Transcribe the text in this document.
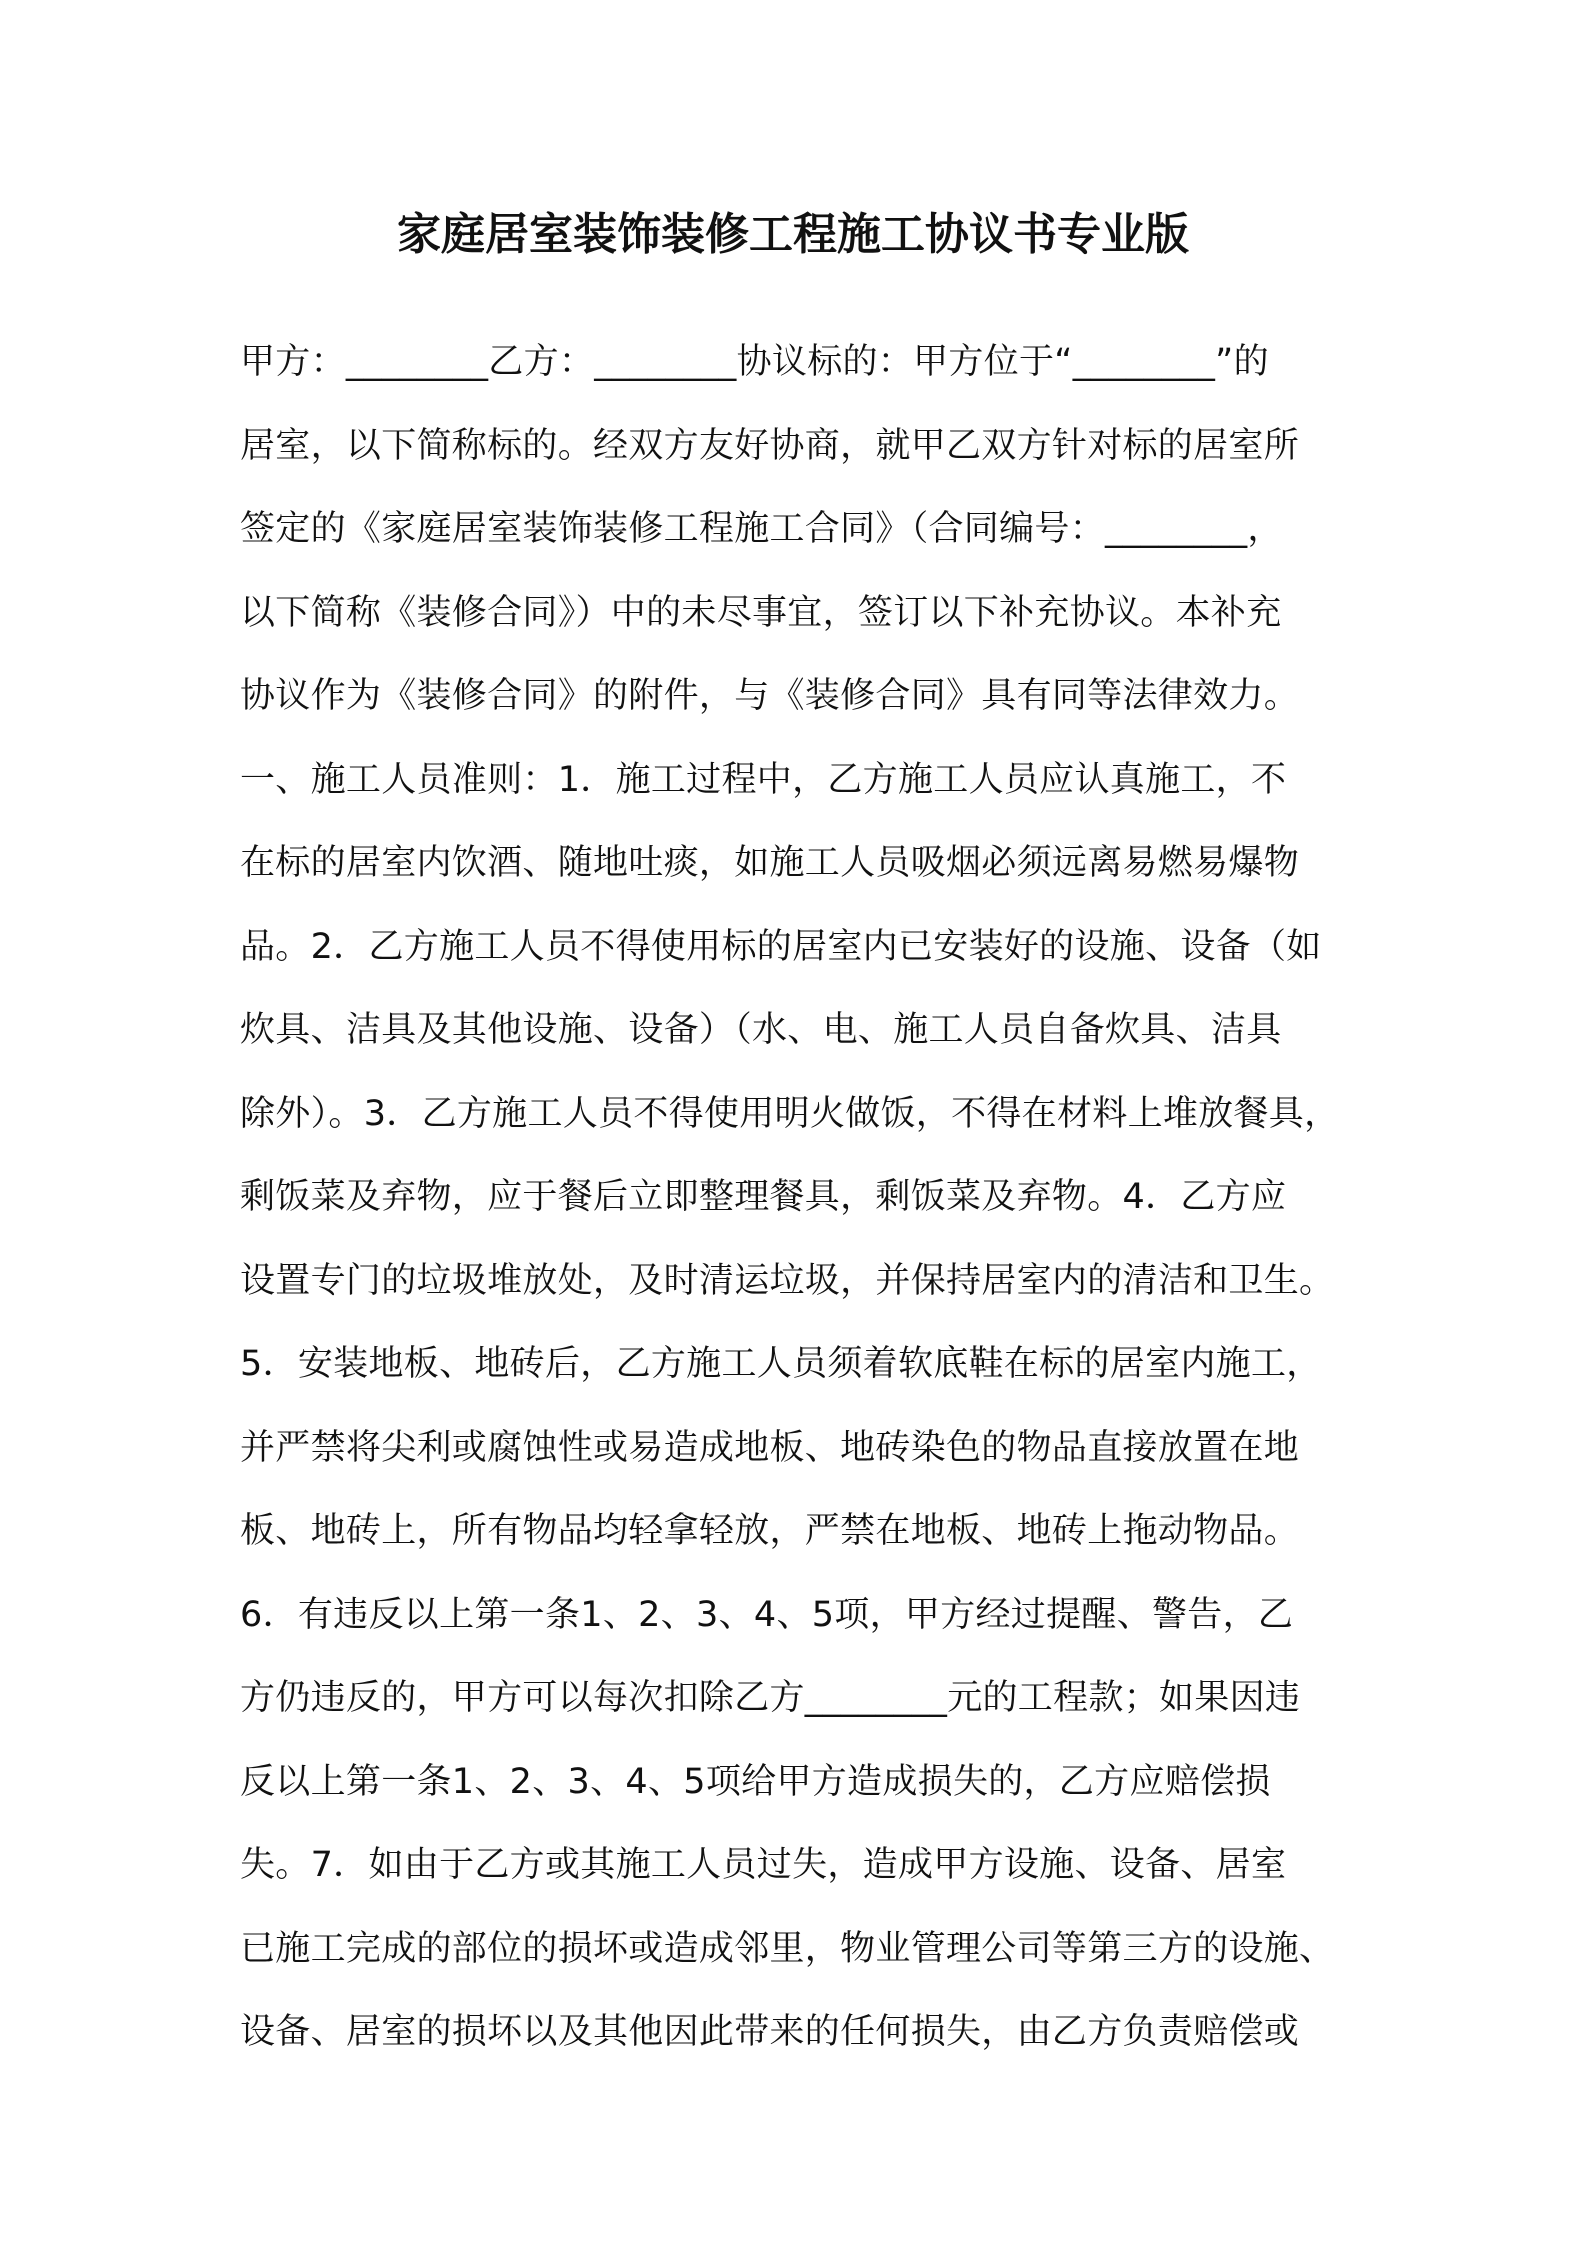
家庭居室装饰装修工程施工协议书专业版
甲方：________乙方：________协议标的：甲方位于“________”的
居室，以下简称标的。经双方友好协商，就甲乙双方针对标的居室所
签定的《家庭居室装饰装修工程施工合同》（合同编号：________，
以下简称《装修合同》）中的未尽事宜，签订以下补充协议。本补充
协议作为《装修合同》的附件，与《装修合同》具有同等法律效力。
一、施工人员准则：1．施工过程中，乙方施工人员应认真施工，不
在标的居室内饮酒、随地吐痰，如施工人员吸烟必须远离易燃易爆物
品。2．乙方施工人员不得使用标的居室内已安装好的设施、设备（如
炊具、洁具及其他设施、设备）（水、电、施工人员自备炊具、洁具
除外）。3．乙方施工人员不得使用明火做饭，不得在材料上堆放餐具，
剩饭菜及弃物，应于餐后立即整理餐具，剩饭菜及弃物。4．乙方应
设置专门的垃圾堆放处，及时清运垃圾，并保持居室内的清洁和卫生。
5．安装地板、地砖后，乙方施工人员须着软底鞋在标的居室内施工，
并严禁将尖利或腐蚀性或易造成地板、地砖染色的物品直接放置在地
板、地砖上，所有物品均轻拿轻放，严禁在地板、地砖上拖动物品。
6．有违反以上第一条1、2、3、4、5项，甲方经过提醒、警告，乙
方仍违反的，甲方可以每次扣除乙方________元的工程款；如果因违
反以上第一条1、2、3、4、5项给甲方造成损失的，乙方应赔偿损
失。7．如由于乙方或其施工人员过失，造成甲方设施、设备、居室
已施工完成的部位的损坏或造成邻里，物业管理公司等第三方的设施、
设备、居室的损坏以及其他因此带来的任何损失，由乙方负责赔偿或
